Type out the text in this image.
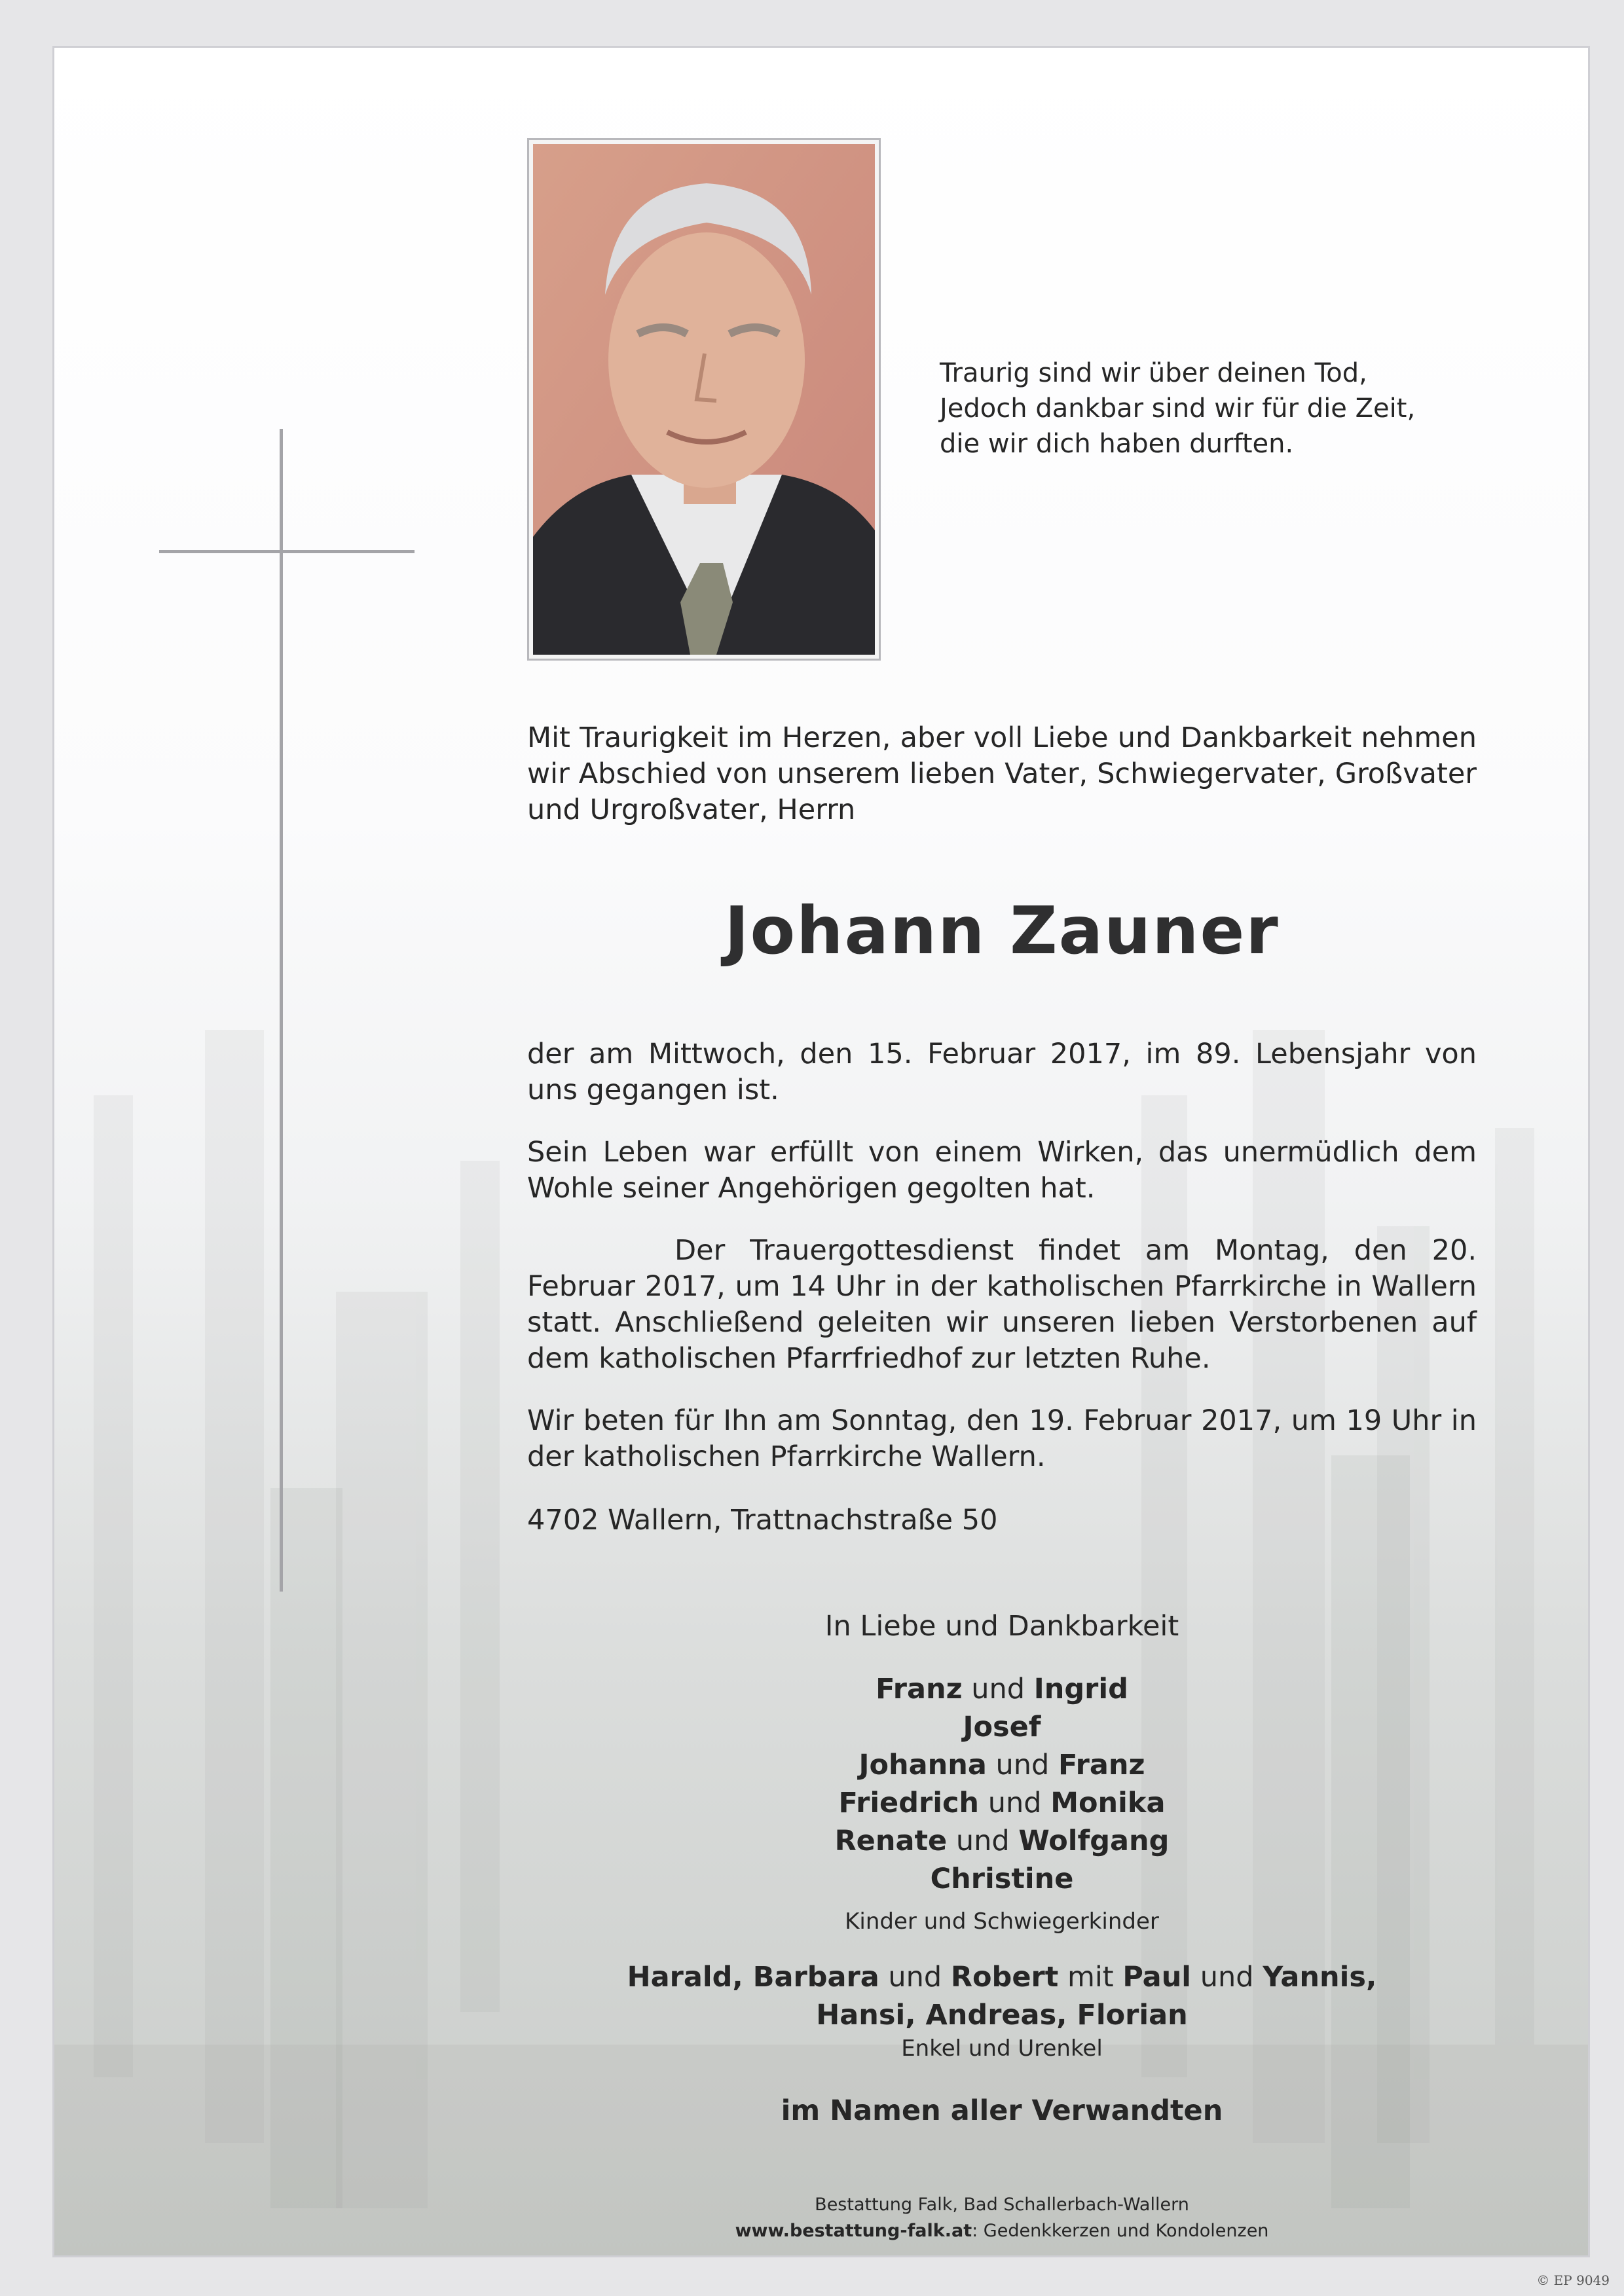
Traurig sind wir über deinen Tod,
Jedoch dankbar sind wir für die Zeit,
die wir dich haben durften.
Mit Traurigkeit im Herzen, aber voll Liebe und Dankbarkeit nehmen wir Abschied von unserem lieben Vater, Schwiegervater, Großvater und Urgroßvater, Herrn
Johann Zauner
der am Mittwoch, den 15. Februar 2017, im 89. Lebensjahr von uns gegangen ist.
Sein Leben war erfüllt von einem Wirken, das unermüdlich dem Wohle seiner Angehörigen gegolten hat.
Der Trauergottesdienst findet am Montag, den 20. Februar 2017, um 14 Uhr in der katholischen Pfarrkirche in Wallern statt. Anschließend geleiten wir unseren lieben Verstorbenen auf dem katholischen Pfarrfriedhof zur letzten Ruhe.
Wir beten für Ihn am Sonntag, den 19. Februar 2017, um 19 Uhr in der katholischen Pfarrkirche Wallern.
4702 Wallern, Trattnachstraße 50
In Liebe und Dankbarkeit
Franz und Ingrid
Josef
Johanna und Franz
Friedrich und Monika
Renate und Wolfgang
Christine
Kinder und Schwiegerkinder
Harald, Barbara und Robert mit Paul und Yannis,
Hansi, Andreas, Florian
Enkel und Urenkel
im Namen aller Verwandten
Bestattung Falk, Bad Schallerbach-Wallern
www.bestattung-falk.at: Gedenkkerzen und Kondolenzen
© EP 9049
